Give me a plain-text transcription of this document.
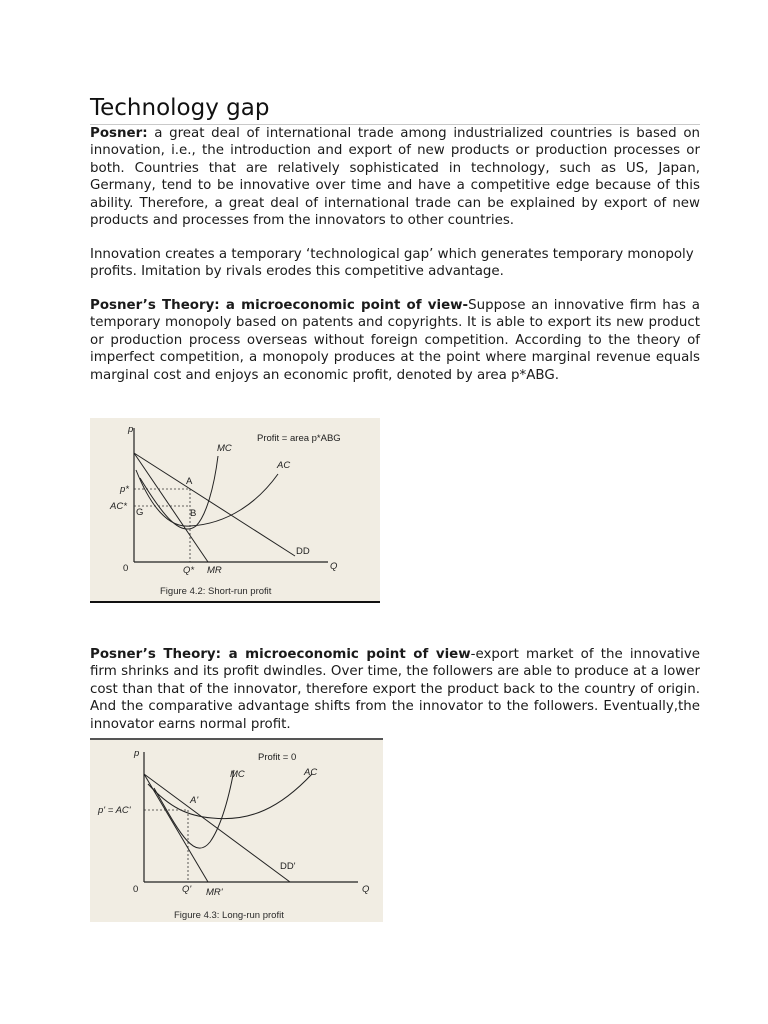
Technology gap

Posner: a great deal of international trade among industrialized countries is based on innovation, i.e., the introduction and export of new products or production processes or both. Countries that are relatively sophisticated in technology, such as US, Japan, Germany, tend to be innovative over time and have a competitive edge because of this ability. Therefore, a great deal of international trade can be explained by export of new products and processes from the innovators to other countries.

Innovation creates a temporary ‘technological gap’ which generates temporary monopoly profits. Imitation by rivals erodes this competitive advantage.

Posner’s Theory: a microeconomic point of view-Suppose an innovative firm has a temporary monopoly based on patents and copyrights. It is able to export its new product or production process overseas without foreign competition. According to the theory of imperfect competition, a monopoly produces at the point where marginal revenue equals marginal cost and enjoys an economic profit, denoted by area p*ABG.

p
Q
0
MC
AC
Profit = area p*ABG
p*
AC*
G
A
B
DD
Q* MR
Figure 4.2: Short-run profit

Posner’s Theory: a microeconomic point of view-export market of the innovative firm shrinks and its profit dwindles. Over time, the followers are able to produce at a lower cost than that of the innovator, therefore export the product back to the country of origin. And the comparative advantage shifts from the innovator to the followers. Eventually,the innovator earns normal profit.

p
Q
0
Profit = 0
MC	AC
A'
p' = AC'
DD'
Q' MR'
Figure 4.3: Long-run profit
